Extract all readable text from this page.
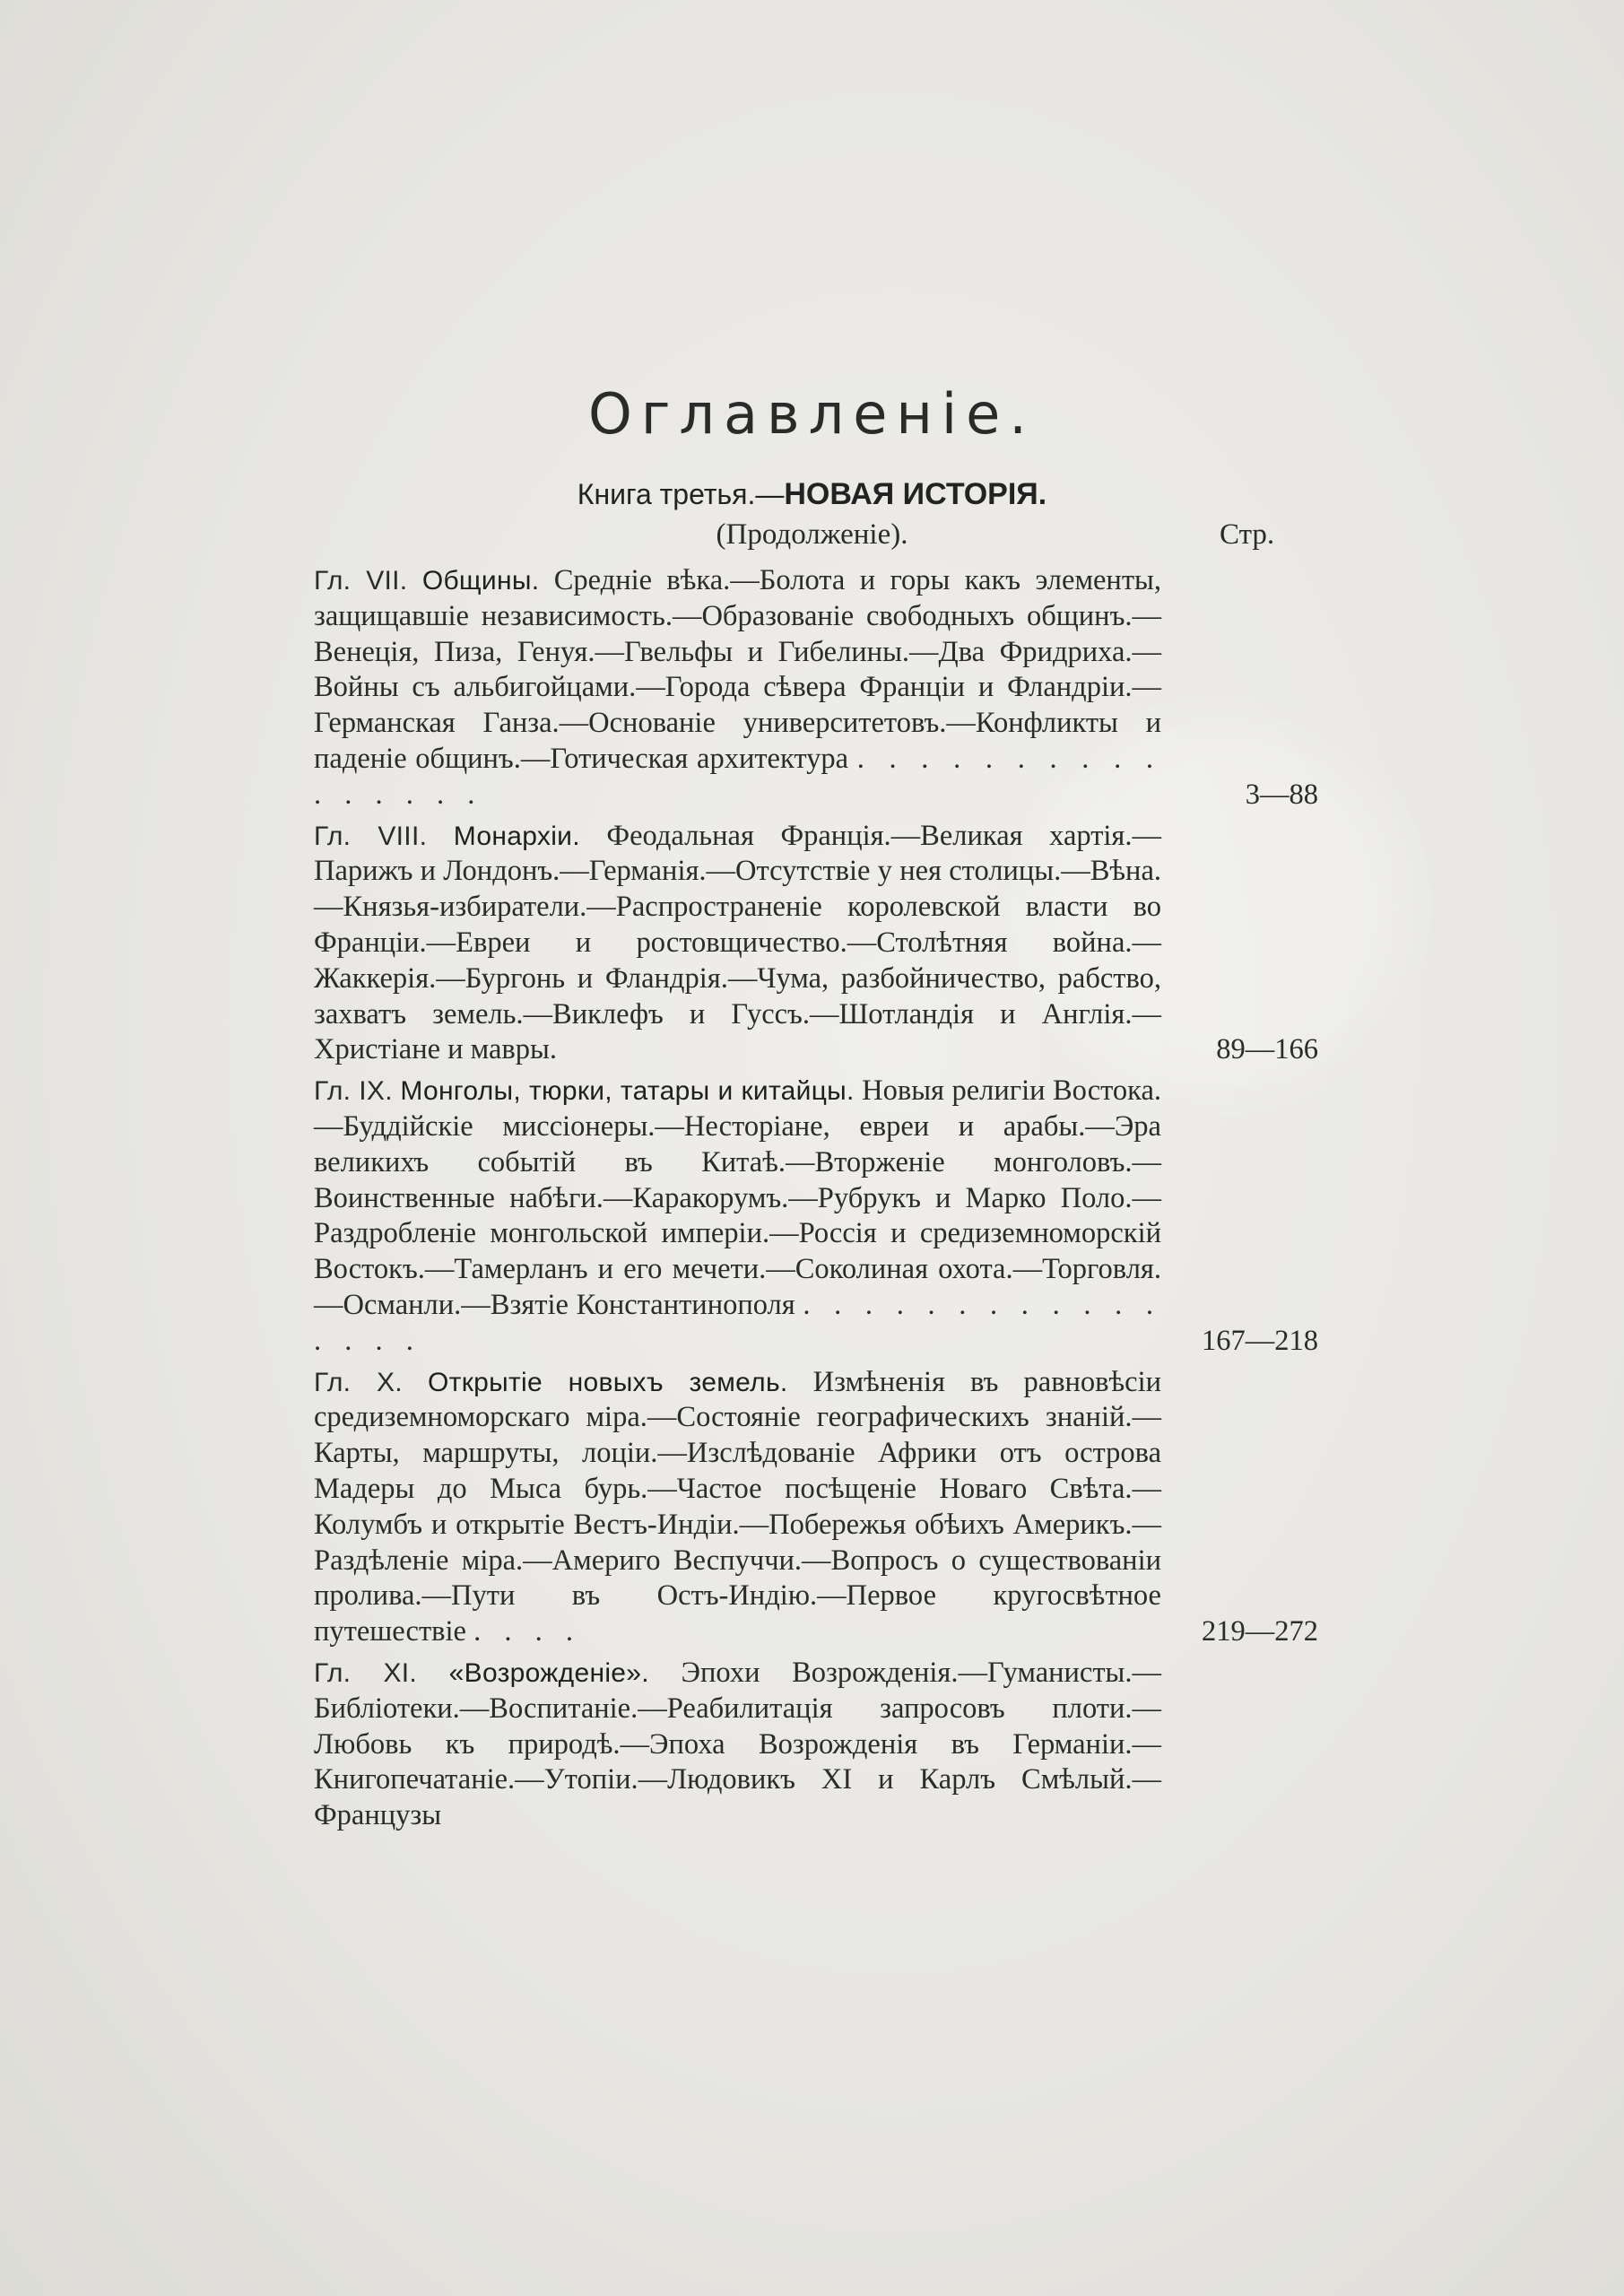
Оглавленіе.
Книга третья.—НОВАЯ ИСТОРІЯ.
(Продолженіе).	Стр.
Гл. VII. Общины. Средніе вѣка.—Болота и горы какъ элементы, защищавшіе независимость.—Образованіе свободныхъ общинъ.—Венеція, Пиза, Генуя.—Гвельфы и Гибелины.—Два Фридриха.—Войны съ альбигойцами.—Города сѣвера Франціи и Фландріи.—Германская Ганза.—Основаніе университетовъ.—Конфликты и паденіе общинъ.—Готическая архитектура . . . . . . . . . . . . . . . .	3—88
Гл. VIII. Монархіи. Феодальная Франція.—Великая хартія.—Парижъ и Лондонъ.—Германія.—Отсутствіе у нея столицы.—Вѣна.—Князья-избиратели.—Распространеніе королевской власти во Франціи.—Евреи и ростовщичество.—Столѣтняя война.—Жаккерія.—Бургонь и Фландрія.—Чума, разбойничество, рабство, захватъ земель.—Виклефъ и Гуссъ.—Шотландія и Англія.—Христiане и мавры.	89—166
Гл. IX. Монголы, тюрки, татары и китайцы. Новыя религіи Востока.—Буддійскіе миссіонеры.—Несторіане, евреи и арабы.—Эра великихъ событій въ Китаѣ.—Вторженіе монголовъ.—Воинственные набѣги.—Каракорумъ.—Рубрукъ и Марко Поло.—Раздробленіе монгольской имперіи.—Россія и средиземноморскій Востокъ.—Тамерланъ и его мечети.—Соколиная охота.—Торговля.—Османли.—Взятіе Константинополя . . . . . . . . . . . . . . . .	167—218
Гл. X. Открытіе новыхъ земель. Измѣненія въ равновѣсіи средиземноморскаго міра.—Состояніе географическихъ знаній.—Карты, маршруты, лоціи.—Изслѣдованіе Африки отъ острова Мадеры до Мыса бурь.—Частое посѣщеніе Новаго Свѣта.—Колумбъ и открытіе Вестъ-Индіи.—Побережья обѣихъ Америкъ.—Раздѣленіе міра.—Америго Веспуччи.—Вопросъ о существованіи пролива.—Пути въ Остъ-Индію.—Первое кругосвѣтное путешествіе . . . .	219—272
Гл. XI. «Возрожденіе». Эпохи Возрожденія.—Гуманисты.—Библіотеки.—Воспитаніе.—Реабилитація запросовъ плоти.—Любовь къ природѣ.—Эпоха Возрожденія въ Германіи.—Книгопечатаніе.—Утопіи.—Людовикъ XI и Карлъ Смѣлый.—Французы
